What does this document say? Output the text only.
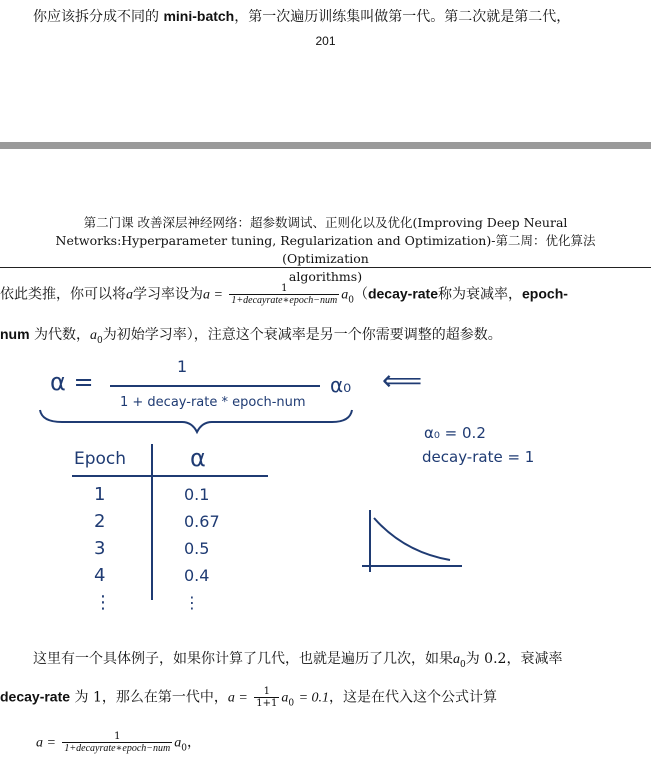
你应该拆分成不同的 mini-batch，第一次遍历训练集叫做第一代。第二次就是第二代，
201
第二门课 改善深层神经网络：超参数调试、正则化以及优化(Improving Deep Neural
Networks:Hyperparameter tuning, Regularization and Optimization)-第二周：优化算法 (Optimization
algorithms)
依此类推，你可以将a学习率设为$a = \frac{1}{\text{1+decayrate∗epoch−num}}$ $a_0(decay$-rate称为衰减率，epoch-
num 为代数，$a_0$为初始学习率），注意这个衰减率是另一个你需要调整的超参数。
α =
1
1 + decay-rate * epoch-num
α₀ ⟸
Epoch	α
1	0.1
2	0.67
3	0.5
4	0.4
⋮	⋮
α₀ = 0.2
decay-rate = 1
这里有一个具体例子，如果你计算了几代，也就是遍历了几次，如果$a_0$为 0.2，衰减率
decay-rate 为 1，那么在第一代中，$a = \frac{1}{1+1} a_0 = 0.1$，这是在代入这个公式计算
$a = \frac{1}{\text{1+decayrate∗epoch−num}} a_0$，
